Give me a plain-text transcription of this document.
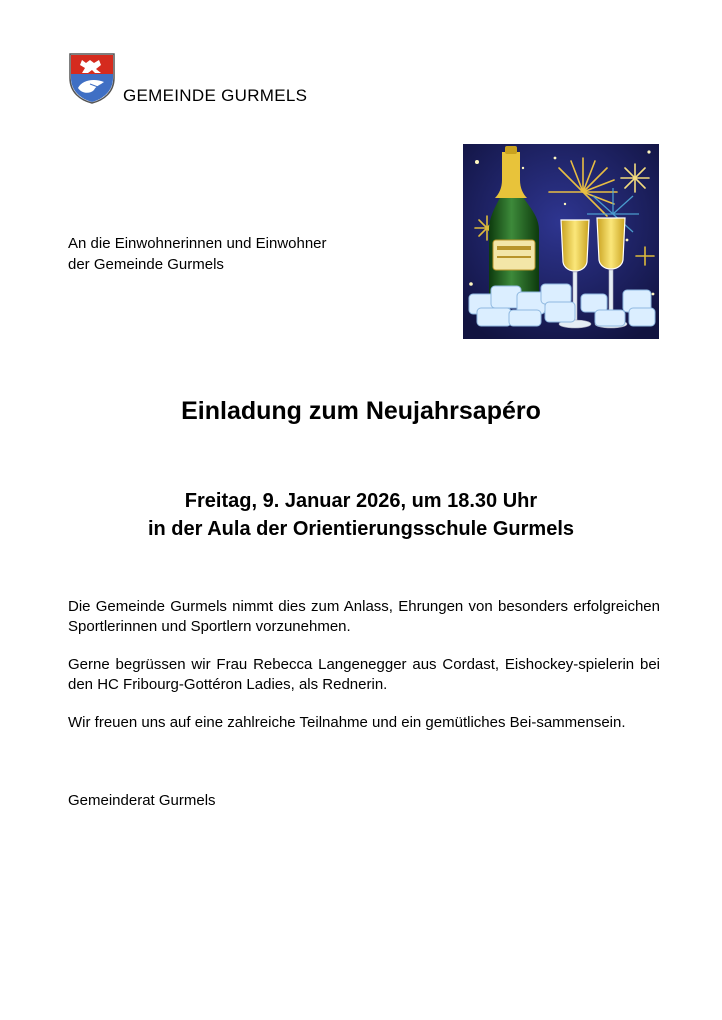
GEMEINDE GURMELS
An die Einwohnerinnen und Einwohner
der Gemeinde Gurmels
Einladung zum Neujahrsapéro
Freitag, 9. Januar 2026, um 18.30 Uhr
in der Aula der Orientierungsschule Gurmels
Die Gemeinde Gurmels nimmt dies zum Anlass, Ehrungen von besonders erfolgreichen Sportlerinnen und Sportlern vorzunehmen.
Gerne begrüssen wir Frau Rebecca Langenegger aus Cordast, Eishockey-spielerin bei den HC Fribourg-Gottéron Ladies, als Rednerin.
Wir freuen uns auf eine zahlreiche Teilnahme und ein gemütliches Bei-sammensein.
Gemeinderat Gurmels
